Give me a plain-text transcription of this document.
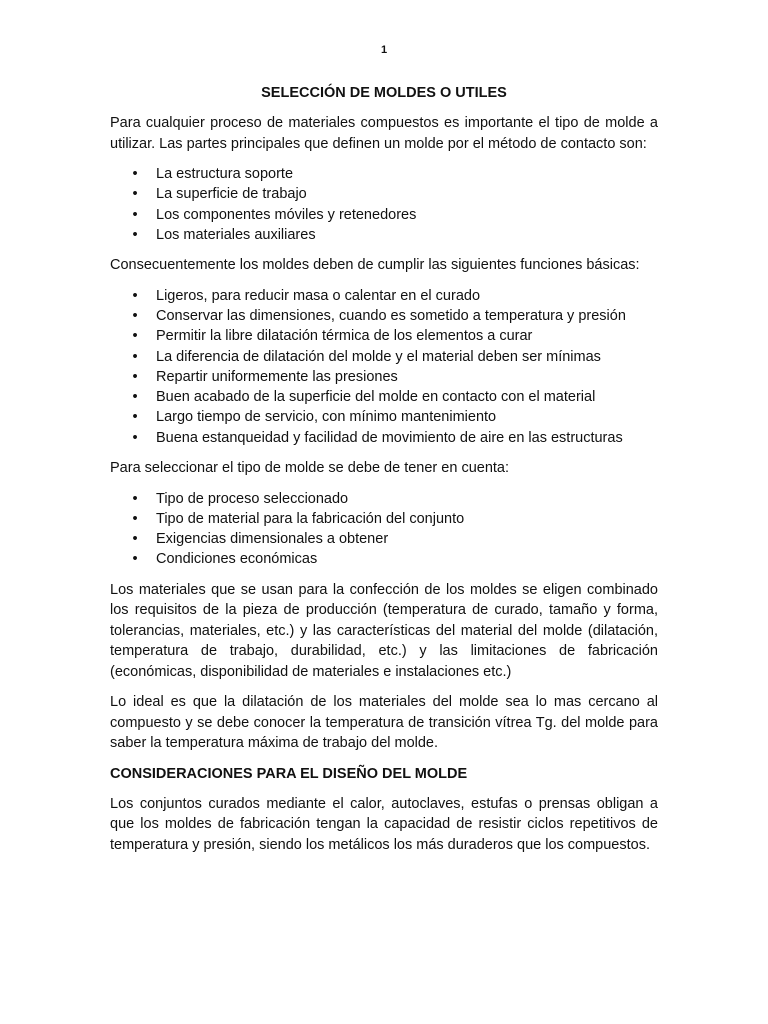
1
SELECCIÓN DE MOLDES O UTILES

Para cualquier proceso de materiales compuestos es importante el tipo de molde a utilizar. Las partes principales que definen un molde por el método de contacto son:

• La estructura soporte
• La superficie de trabajo
• Los componentes móviles y retenedores
• Los materiales auxiliares

Consecuentemente los moldes deben de cumplir las siguientes funciones básicas:

• Ligeros, para reducir masa o calentar en el curado
• Conservar las dimensiones, cuando es sometido a temperatura y presión
• Permitir la libre dilatación térmica de los elementos a curar
• La diferencia de dilatación del molde y el material deben ser mínimas
• Repartir uniformemente las presiones
• Buen acabado de la superficie del molde en contacto con el material
• Largo tiempo de servicio, con mínimo mantenimiento
• Buena estanqueidad y facilidad de movimiento de aire en las estructuras

Para seleccionar el tipo de molde se debe de tener en cuenta:

• Tipo de proceso seleccionado
• Tipo de material para la fabricación del conjunto
• Exigencias dimensionales a obtener
• Condiciones económicas

Los materiales que se usan para la confección de los moldes se eligen combinado los requisitos de la pieza de producción (temperatura de curado, tamaño y forma, tolerancias, materiales, etc.) y las características del material del molde (dilatación, temperatura de trabajo, durabilidad, etc.) y las limitaciones de fabricación (económicas, disponibilidad de materiales e instalaciones etc.)

Lo ideal es que la dilatación de los materiales del molde sea lo mas cercano al compuesto y se debe conocer la temperatura de transición vítrea Tg. del molde para saber la temperatura máxima de trabajo del molde.

CONSIDERACIONES PARA EL DISEÑO DEL MOLDE

Los conjuntos curados mediante el calor, autoclaves, estufas o prensas obligan a que los moldes de fabricación tengan la capacidad de resistir ciclos repetitivos de temperatura y presión, siendo los metálicos los más duraderos que los compuestos.
